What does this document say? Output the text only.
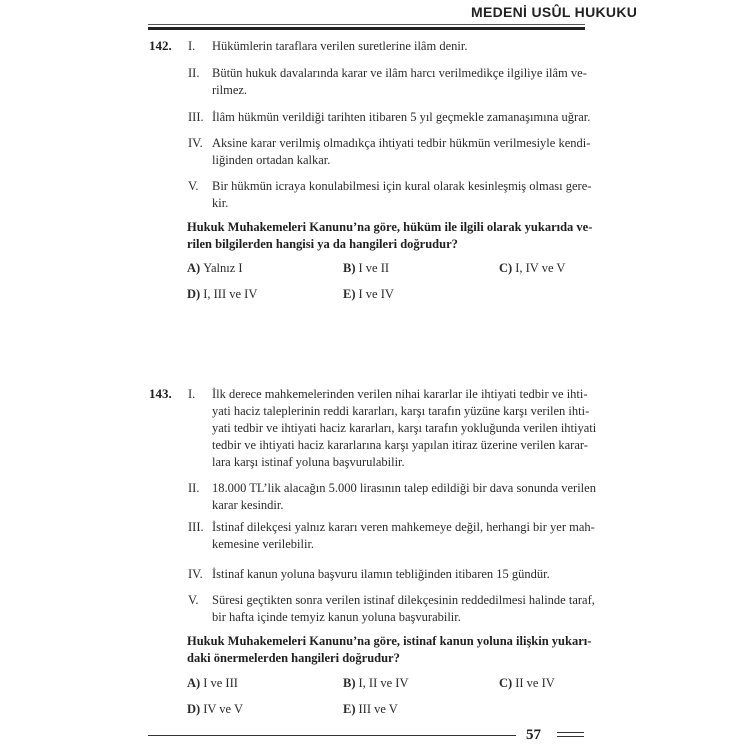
MEDENİ USÛL HUKUKU
142. I. Hükümlerin taraflara verilen suretlerine ilâm denir.
II. Bütün hukuk davalarında karar ve ilâm harcı verilmedikçe ilgiliye ilâm ve-
rilmez.
III. İlâm hükmün verildiği tarihten itibaren 5 yıl geçmekle zamanaşımına uğrar.
IV. Aksine karar verilmiş olmadıkça ihtiyati tedbir hükmün verilmesiyle kendi-
liğinden ortadan kalkar.
V. Bir hükmün icraya konulabilmesi için kural olarak kesinleşmiş olması gere-
kir.
Hukuk Muhakemeleri Kanunu’na göre, hüküm ile ilgili olarak yukarıda ve-
rilen bilgilerden hangisi ya da hangileri doğrudur?
A) Yalnız I	B) I ve II	C) I, IV ve V
D) I, III ve IV	E) I ve IV
143. I. İlk derece mahkemelerinden verilen nihai kararlar ile ihtiyati tedbir ve ihti-
yati haciz taleplerinin reddi kararları, karşı tarafın yüzüne karşı verilen ihti-
yati tedbir ve ihtiyati haciz kararları, karşı tarafın yokluğunda verilen ihtiyati
tedbir ve ihtiyati haciz kararlarına karşı yapılan itiraz üzerine verilen karar-
lara karşı istinaf yoluna başvurulabilir.
II. 18.000 TL’lik alacağın 5.000 lirasının talep edildiği bir dava sonunda verilen
karar kesindir.
III. İstinaf dilekçesi yalnız kararı veren mahkemeye değil, herhangi bir yer mah-
kemesine verilebilir.
IV. İstinaf kanun yoluna başvuru ilamın tebliğinden itibaren 15 gündür.
V. Süresi geçtikten sonra verilen istinaf dilekçesinin reddedilmesi halinde taraf,
bir hafta içinde temyiz kanun yoluna başvurabilir.
Hukuk Muhakemeleri Kanunu’na göre, istinaf kanun yoluna ilişkin yukarı-
daki önermelerden hangileri doğrudur?
A) I ve III	B) I, II ve IV	C) II ve IV
D) IV ve V	E) III ve V
57
